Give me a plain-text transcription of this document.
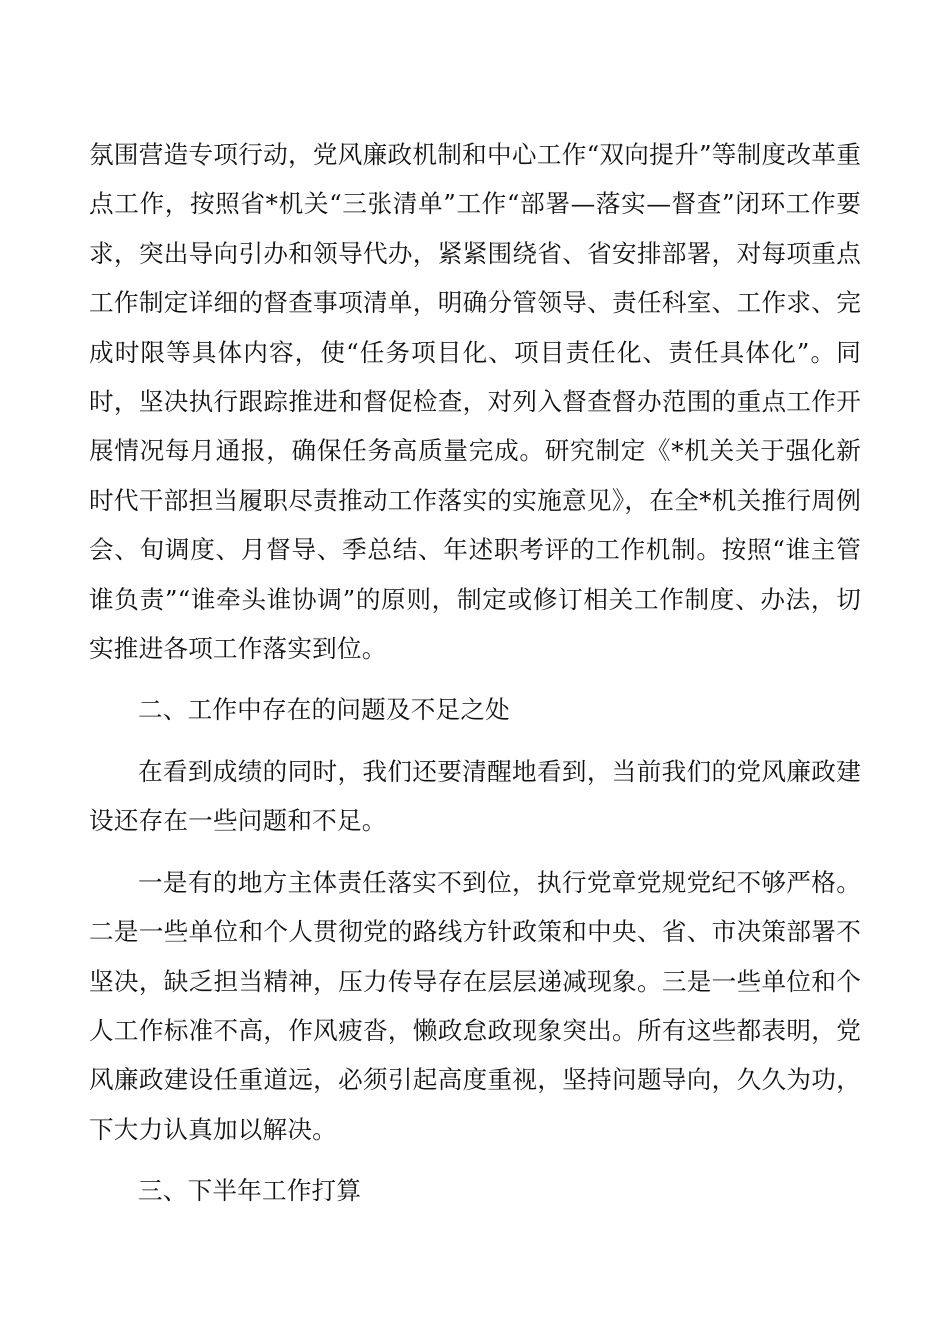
氛围营造专项行动，党风廉政机制和中心工作“双向提升”等制度改革重点工作，按照省*机关“三张清单”工作“部署—落实—督查”闭环工作要求，突出导向引办和领导代办，紧紧围绕省、省安排部署，对每项重点工作制定详细的督查事项清单，明确分管领导、责任科室、工作求、完成时限等具体内容，使“任务项目化、项目责任化、责任具体化”。同时，坚决执行跟踪推进和督促检查，对列入督查督办范围的重点工作开展情况每月通报，确保任务高质量完成。研究制定《*机关关于强化新时代干部担当履职尽责推动工作落实的实施意见》，在全*机关推行周例会、旬调度、月督导、季总结、年述职考评的工作机制。按照“谁主管谁负责”“谁牵头谁协调”的原则，制定或修订相关工作制度、办法，切实推进各项工作落实到位。

二、工作中存在的问题及不足之处

在看到成绩的同时，我们还要清醒地看到，当前我们的党风廉政建设还存在一些问题和不足。

一是有的地方主体责任落实不到位，执行党章党规党纪不够严格。二是一些单位和个人贯彻党的路线方针政策和中央、省、市决策部署不坚决，缺乏担当精神，压力传导存在层层递减现象。三是一些单位和个人工作标准不高，作风疲沓，懒政怠政现象突出。所有这些都表明，党风廉政建设任重道远，必须引起高度重视，坚持问题导向，久久为功，下大力认真加以解决。

三、下半年工作打算
